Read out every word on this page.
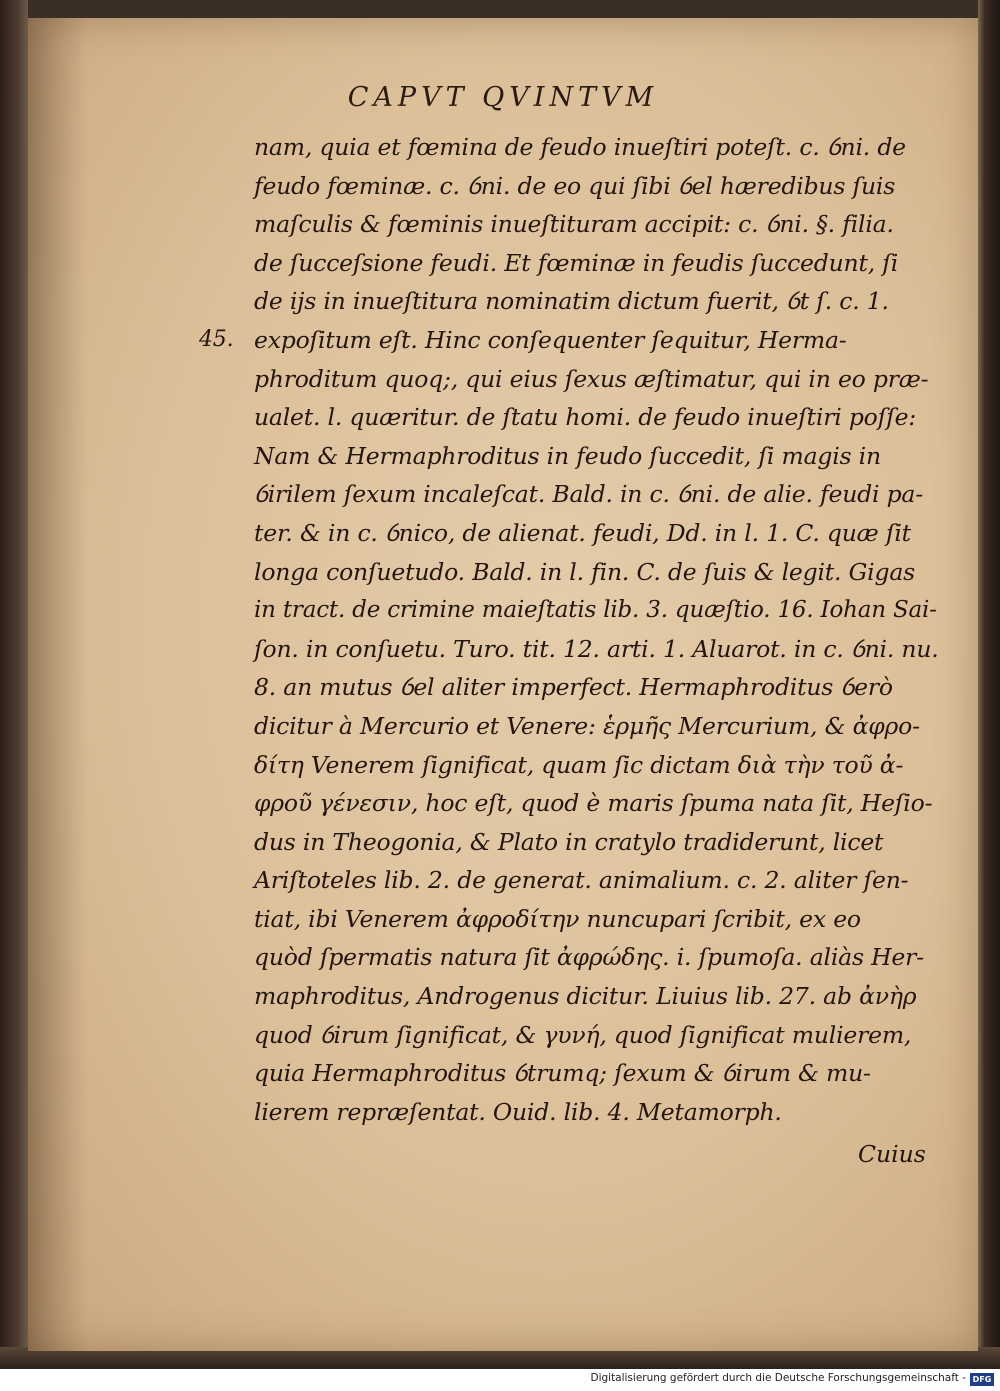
CAPVT QVINTVM
nam, quia et fœmina de feudo inueſtiri poteſt. c. ỽni. de
feudo fœminæ. c. ỽni. de eo qui ſibi ỽel hæredibus ſuis
maſculis & fœminis inueſtituram accipit: c. ỽni. §. filia.
de ſucceſsione feudi. Et fœminæ in feudis ſuccedunt, ſi
de ijs in inueſtitura nominatim dictum fuerit, ỽt ſ. c. 1.
45. expoſitum eſt. Hinc conſequenter ſequitur, Herma-
phroditum quoq;, qui eius ſexus æſtimatur, qui in eo præ-
ualet. l. quæritur. de ſtatu homi. de feudo inueſtiri poſſe:
Nam & Hermaphroditus in feudo ſuccedit, ſi magis in
ỽirilem ſexum incaleſcat. Bald. in c. ỽni. de alie. feudi pa-
ter. & in c. ỽnico, de alienat. feudi, Dd. in l. 1. C. quæ ſit
longa conſuetudo. Bald. in l. fin. C. de ſuis & legit. Gigas
in tract. de crimine maieſtatis lib. 3. quæſtio. 16. Iohan Sai-
ſon. in conſuetu. Turo. tit. 12. arti. 1. Aluarot. in c. ỽni. nu.
8. an mutus ỽel aliter imperfect. Hermaphroditus ỽerò
dicitur à Mercurio et Venere: ἑρμῆς Mercurium, & ἀφρο-
δίτη Venerem ſignificat, quam ſic dictam διὰ τὴν τοῦ ἀ-
φροῦ γένεσιν, hoc eſt, quod è maris ſpuma nata ſit, Heſio-
dus in Theogonia, & Plato in cratylo tradiderunt, licet
Ariſtoteles lib. 2. de generat. animalium. c. 2. aliter ſen-
tiat, ibi Venerem ἀφροδίτην nuncupari ſcribit, ex eo
quòd ſpermatis natura ſit ἀφρώδης. i. ſpumoſa. aliàs Her-
maphroditus, Androgenus dicitur. Liuius lib. 27. ab ἀνὴρ
quod ỽirum ſignificat, & γυνή, quod ſignificat mulierem,
quia Hermaphroditus ỽtrumq; ſexum & ỽirum & mu-
lierem repræſentat. Ouid. lib. 4. Metamorph.
Cuius
Digitalisierung gefördert durch die Deutsche Forschungsgemeinschaft - DFG
